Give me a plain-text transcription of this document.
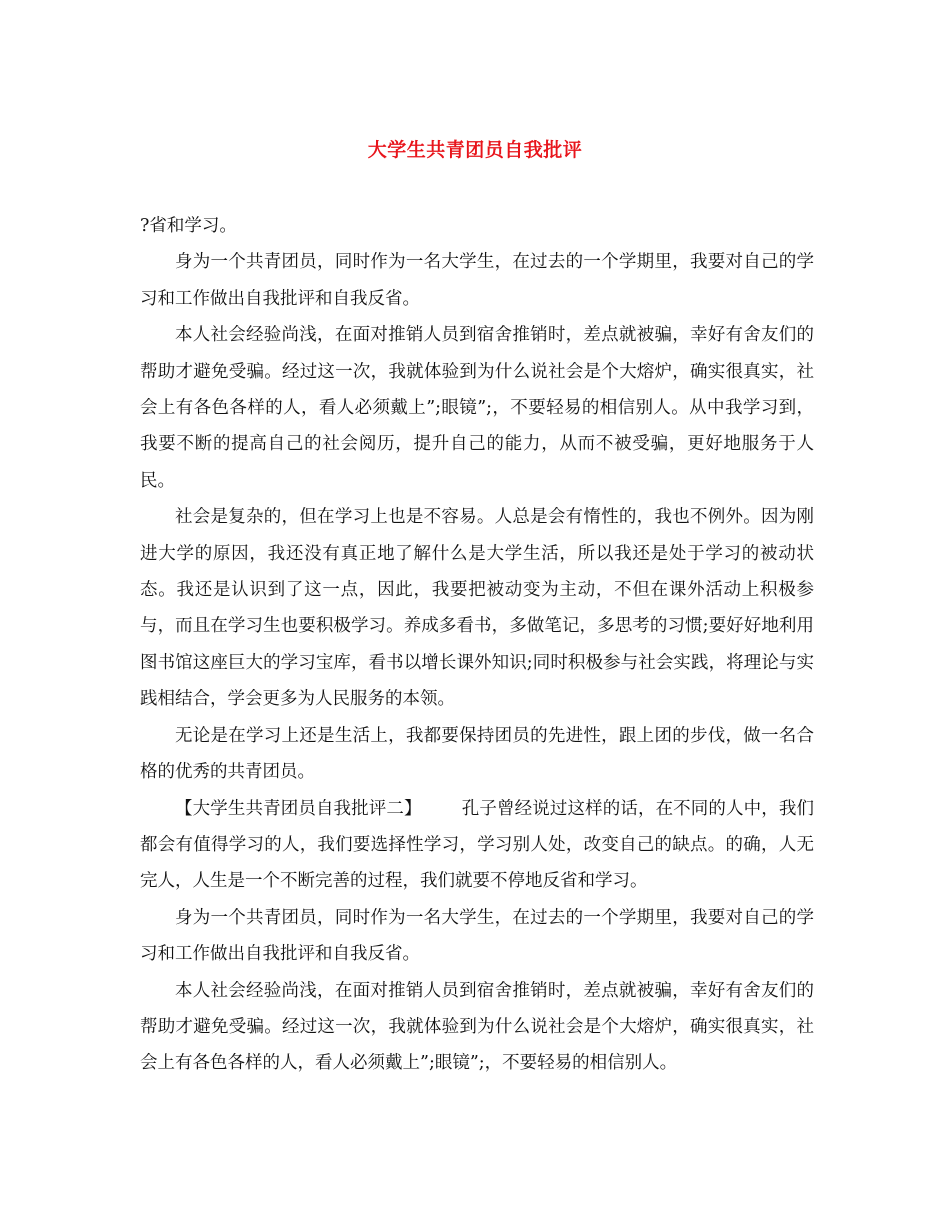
大学生共青团员自我批评

?省和学习。

身为一个共青团员，同时作为一名大学生，在过去的一个学期里，我要对自己的学习和工作做出自我批评和自我反省。

本人社会经验尚浅，在面对推销人员到宿舍推销时，差点就被骗，幸好有舍友们的帮助才避免受骗。经过这一次，我就体验到为什么说社会是个大熔炉，确实很真实，社会上有各色各样的人，看人必须戴上”;眼镜”;，不要轻易的相信别人。从中我学习到，我要不断的提高自己的社会阅历，提升自己的能力，从而不被受骗，更好地服务于人民。

社会是复杂的，但在学习上也是不容易。人总是会有惰性的，我也不例外。因为刚进大学的原因，我还没有真正地了解什么是大学生活，所以我还是处于学习的被动状态。我还是认识到了这一点，因此，我要把被动变为主动，不但在课外活动上积极参与，而且在学习生也要积极学习。养成多看书，多做笔记，多思考的习惯;要好好地利用图书馆这座巨大的学习宝库，看书以增长课外知识;同时积极参与社会实践，将理论与实践相结合，学会更多为人民服务的本领。

无论是在学习上还是生活上，我都要保持团员的先进性，跟上团的步伐，做一名合格的优秀的共青团员。

【大学生共青团员自我批评二】 孔子曾经说过这样的话，在不同的人中，我们都会有值得学习的人，我们要选择性学习，学习别人处，改变自己的缺点。的确，人无完人，人生是一个不断完善的过程，我们就要不停地反省和学习。

身为一个共青团员，同时作为一名大学生，在过去的一个学期里，我要对自己的学习和工作做出自我批评和自我反省。

本人社会经验尚浅，在面对推销人员到宿舍推销时，差点就被骗，幸好有舍友们的帮助才避免受骗。经过这一次，我就体验到为什么说社会是个大熔炉，确实很真实，社会上有各色各样的人，看人必须戴上”;眼镜”;，不要轻易的相信别人。
